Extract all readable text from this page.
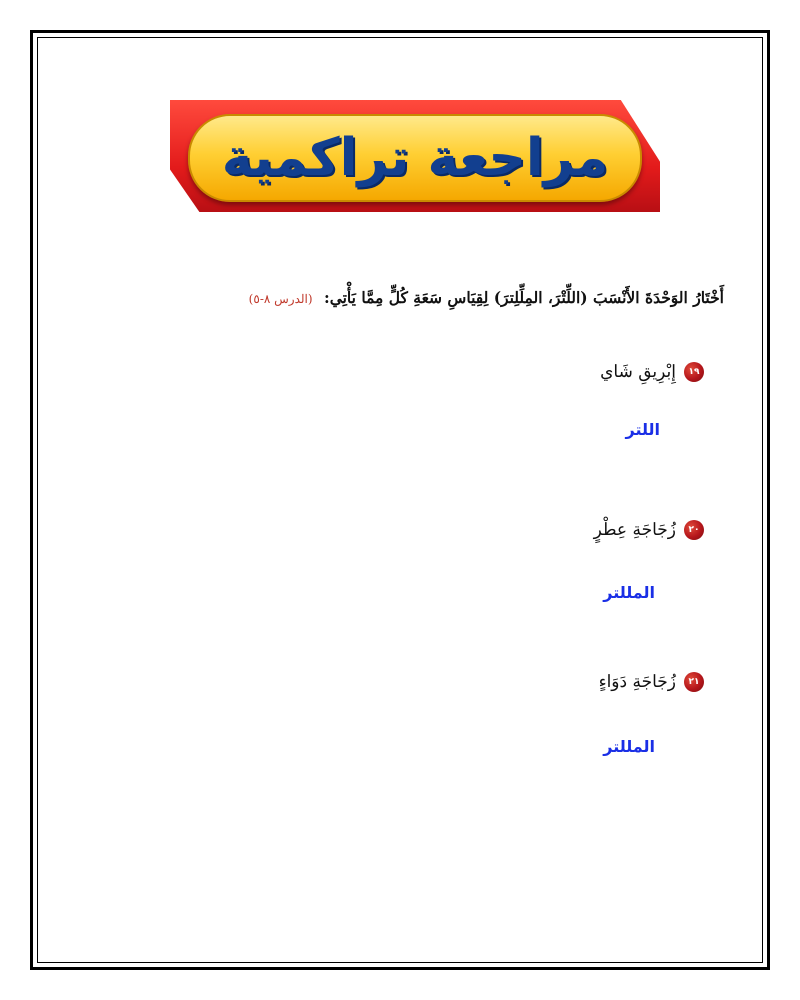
مراجعة تراكمية
أَخْتَارُ الوَحْدَةَ الأَنْسَبَ (اللِّتْرَ، المِلِّلِترَ) لِقِيَاسِ سَعَةِ كُلٍّ مِمَّا يَأْتِي: (الدرس ٨-٥)
١٩
إِبْرِيقِ شَاي
اللتر
٢٠
زُجَاجَةِ عِطْرٍ
المللتر
٢١
زُجَاجَةِ دَوَاءٍ
المللتر
